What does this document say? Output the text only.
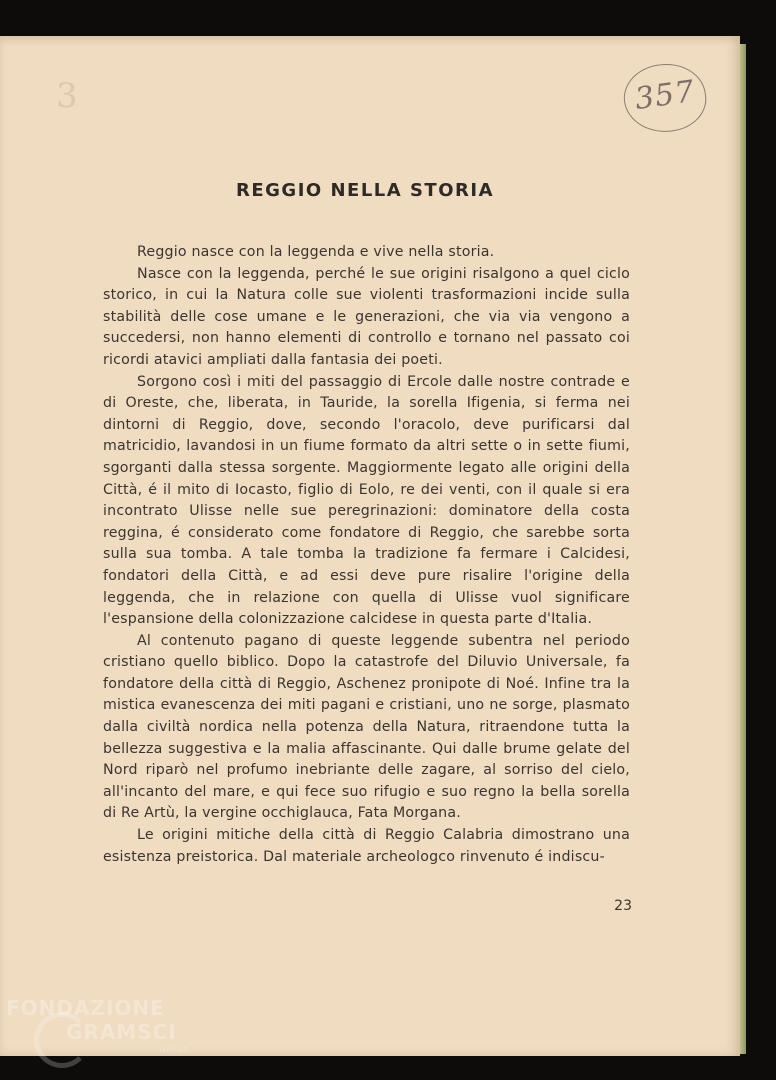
3	357
REGGIO NELLA STORIA

Reggio nasce con la leggenda e vive nella storia.

Nasce con la leggenda, perché le sue origini risalgono a quel ciclo storico, in cui la Natura colle sue violenti trasformazioni incide sulla stabilità delle cose umane e le generazioni, che via via vengono a succedersi, non hanno elementi di controllo e tornano nel passato coi ricordi atavici ampliati dalla fantasia dei poeti.

Sorgono così i miti del passaggio di Ercole dalle nostre contrade e di Oreste, che, liberata, in Tauride, la sorella Ifigenia, si ferma nei dintorni di Reggio, dove, secondo l'oracolo, deve purificarsi dal matricidio, lavandosi in un fiume formato da altri sette o in sette fiumi, sgorganti dalla stessa sorgente. Maggiormente legato alle origini della Città, é il mito di Iocasto, figlio di Eolo, re dei venti, con il quale si era incontrato Ulisse nelle sue peregrinazioni: dominatore della costa reggina, é considerato come fondatore di Reggio, che sarebbe sorta sulla sua tomba. A tale tomba la tradizione fa fermare i Calcidesi, fondatori della Città, e ad essi deve pure risalire l'origine della leggenda, che in relazione con quella di Ulisse vuol significare l'espansione della colonizzazione calcidese in questa parte d'Italia.

Al contenuto pagano di queste leggende subentra nel periodo cristiano quello biblico. Dopo la catastrofe del Diluvio Universale, fa fondatore della città di Reggio, Aschenez pronipote di Noé. Infine tra la mistica evanescenza dei miti pagani e cristiani, uno ne sorge, plasmato dalla civiltà nordica nella potenza della Natura, ritraendone tutta la bellezza suggestiva e la malia affascinante. Qui dalle brume gelate del Nord riparò nel profumo inebriante delle zagare, al sorriso del cielo, all'incanto del mare, e qui fece suo rifugio e suo regno la bella sorella di Re Artù, la vergine occhiglauca, Fata Morgana.

Le origini mitiche della città di Reggio Calabria dimostrano una esistenza preistorica. Dal materiale archeologco rinvenuto é indiscu-

23
FONDAZIONE
GRAMSCI
onlus
